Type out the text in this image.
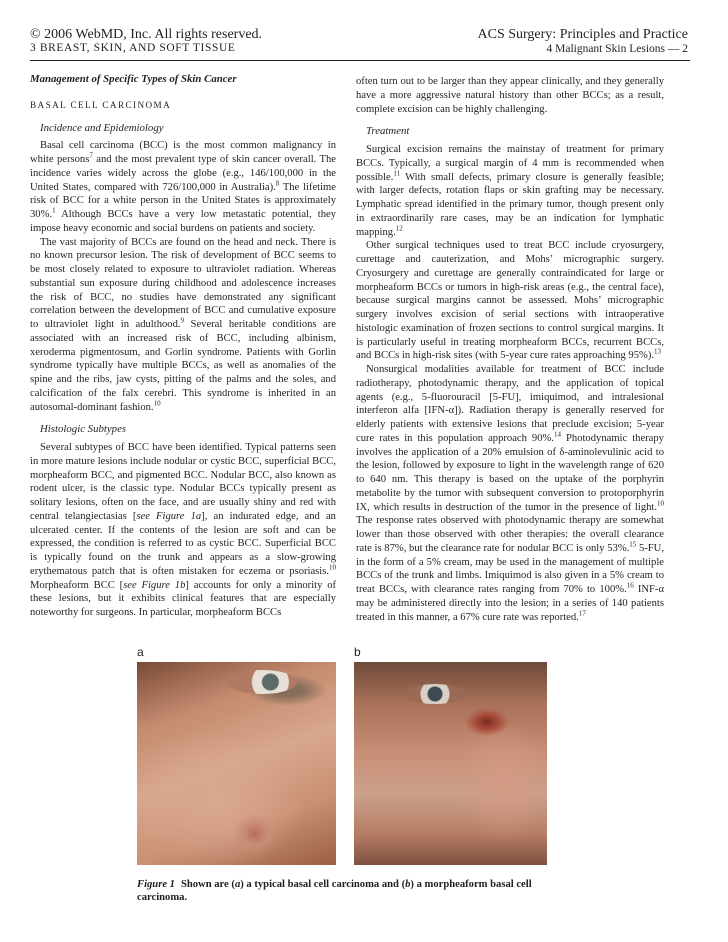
© 2006 WebMD, Inc. All rights reserved.
3 BREAST, SKIN, AND SOFT TISSUE
ACS Surgery: Principles and Practice
4 Malignant Skin Lesions — 2
Management of Specific Types of Skin Cancer
BASAL CELL CARCINOMA
Incidence and Epidemiology

Basal cell carcinoma (BCC) is the most common malignancy in white persons$^7$ and the most prevalent type of skin cancer overall. The incidence varies widely across the globe (e.g., 146/100,000 in the United States, compared with 726/100,000 in Australia).$^8$ The lifetime risk of BCC for a white person in the United States is approximately 30%.$^1$ Although BCCs have a very low metastatic potential, they impose heavy economic and social burdens on patients and society.

The vast majority of BCCs are found on the head and neck. There is no known precursor lesion. The risk of development of BCC seems to be most closely related to exposure to ultraviolet radiation. Whereas substantial sun exposure during childhood and adolescence increases the risk of BCC, no studies have demonstrated any significant correlation between the development of BCC and cumulative exposure to ultraviolet light in adulthood.$^9$ Several heritable conditions are associated with an increased risk of BCC, including albinism, xeroderma pigmentosum, and Gorlin syndrome. Patients with Gorlin syndrome typically have multiple BCCs, as well as anomalies of the spine and the ribs, jaw cysts, pitting of the palms and the soles, and calcification of the falx cerebri. This syndrome is inherited in an autosomal-dominant fashion.$^{10}$

Histologic Subtypes

Several subtypes of BCC have been identified. Typical patterns seen in more mature lesions include nodular or cystic BCC, superficial BCC, morpheaform BCC, and pigmented BCC. Nodular BCC, also known as rodent ulcer, is the classic type. Nodular BCCs typically present as solitary lesions, often on the face, and are usually shiny and red with central telangiectasias [see Figure 1a], an indurated edge, and an ulcerated center. If the contents of the lesion are soft and can be expressed, the condition is referred to as cystic BCC. Superficial BCC is typically found on the trunk and appears as a slow-growing erythematous patch that is often mistaken for eczema or psoriasis.$^{10}$ Morpheaform BCC [see Figure 1b] accounts for only a minority of these lesions, but it exhibits clinical features that are especially noteworthy for surgeons. In particular, morpheaform BCCs

often turn out to be larger than they appear clinically, and they generally have a more aggressive natural history than other BCCs; as a result, complete excision can be highly challenging.

Treatment

Surgical excision remains the mainstay of treatment for primary BCCs. Typically, a surgical margin of 4 mm is recommended when possible.$^{11}$ With small defects, primary closure is generally feasible; with larger defects, rotation flaps or skin grafting may be necessary. Lymphatic spread identified in the primary tumor, though present only in extraordinarily rare cases, may be an indication for lymphatic mapping.$^{12}$

Other surgical techniques used to treat BCC include cryosurgery, curettage and cauterization, and Mohs’ micrographic surgery. Cryosurgery and curettage are generally contraindicated for large or morpheaform BCCs or tumors in high-risk areas (e.g., the central face), because surgical margins cannot be assessed. Mohs’ micrographic surgery involves excision of serial sections with intraoperative histologic examination of frozen sections to control surgical margins. It is particularly useful in treating morpheaform BCCs, recurrent BCCs, and BCCs in high-risk sites (with 5-year cure rates approaching 95%).$^{13}$

Nonsurgical modalities available for treatment of BCC include radiotherapy, photodynamic therapy, and the application of topical agents (e.g., 5-fluorouracil [5-FU], imiquimod, and intralesional interferon alfa [IFN-α]). Radiation therapy is generally reserved for elderly patients with extensive lesions that preclude excision; 5-year cure rates in this population approach 90%.$^{14}$ Photodynamic therapy involves the application of a 20% emulsion of δ-aminolevulinic acid to the lesion, followed by exposure to light in the wavelength range of 620 to 640 nm. This therapy is based on the uptake of the porphyrin metabolite by the tumor with subsequent conversion to protoporphyrin IX, which results in destruction of the tumor in the presence of light.$^{10}$ The response rates observed with photodynamic therapy are somewhat lower than those observed with other therapies: the overall clearance rate is 87%, but the clearance rate for nodular BCC is only 53%.$^{15}$ 5-FU, in the form of a 5% cream, may be used in the management of multiple BCCs of the trunk and limbs. Imiquimod is also given in a 5% cream to treat BCCs, with clearance rates ranging from 70% to 100%.$^{16}$ INF-α may be administered directly into the lesion; in a series of 140 patients treated in this manner, a 67% cure rate was reported.$^{17}$

a	b
Figure 1 Shown are (a) a typical basal cell carcinoma and (b) a morpheaform basal cell carcinoma.
